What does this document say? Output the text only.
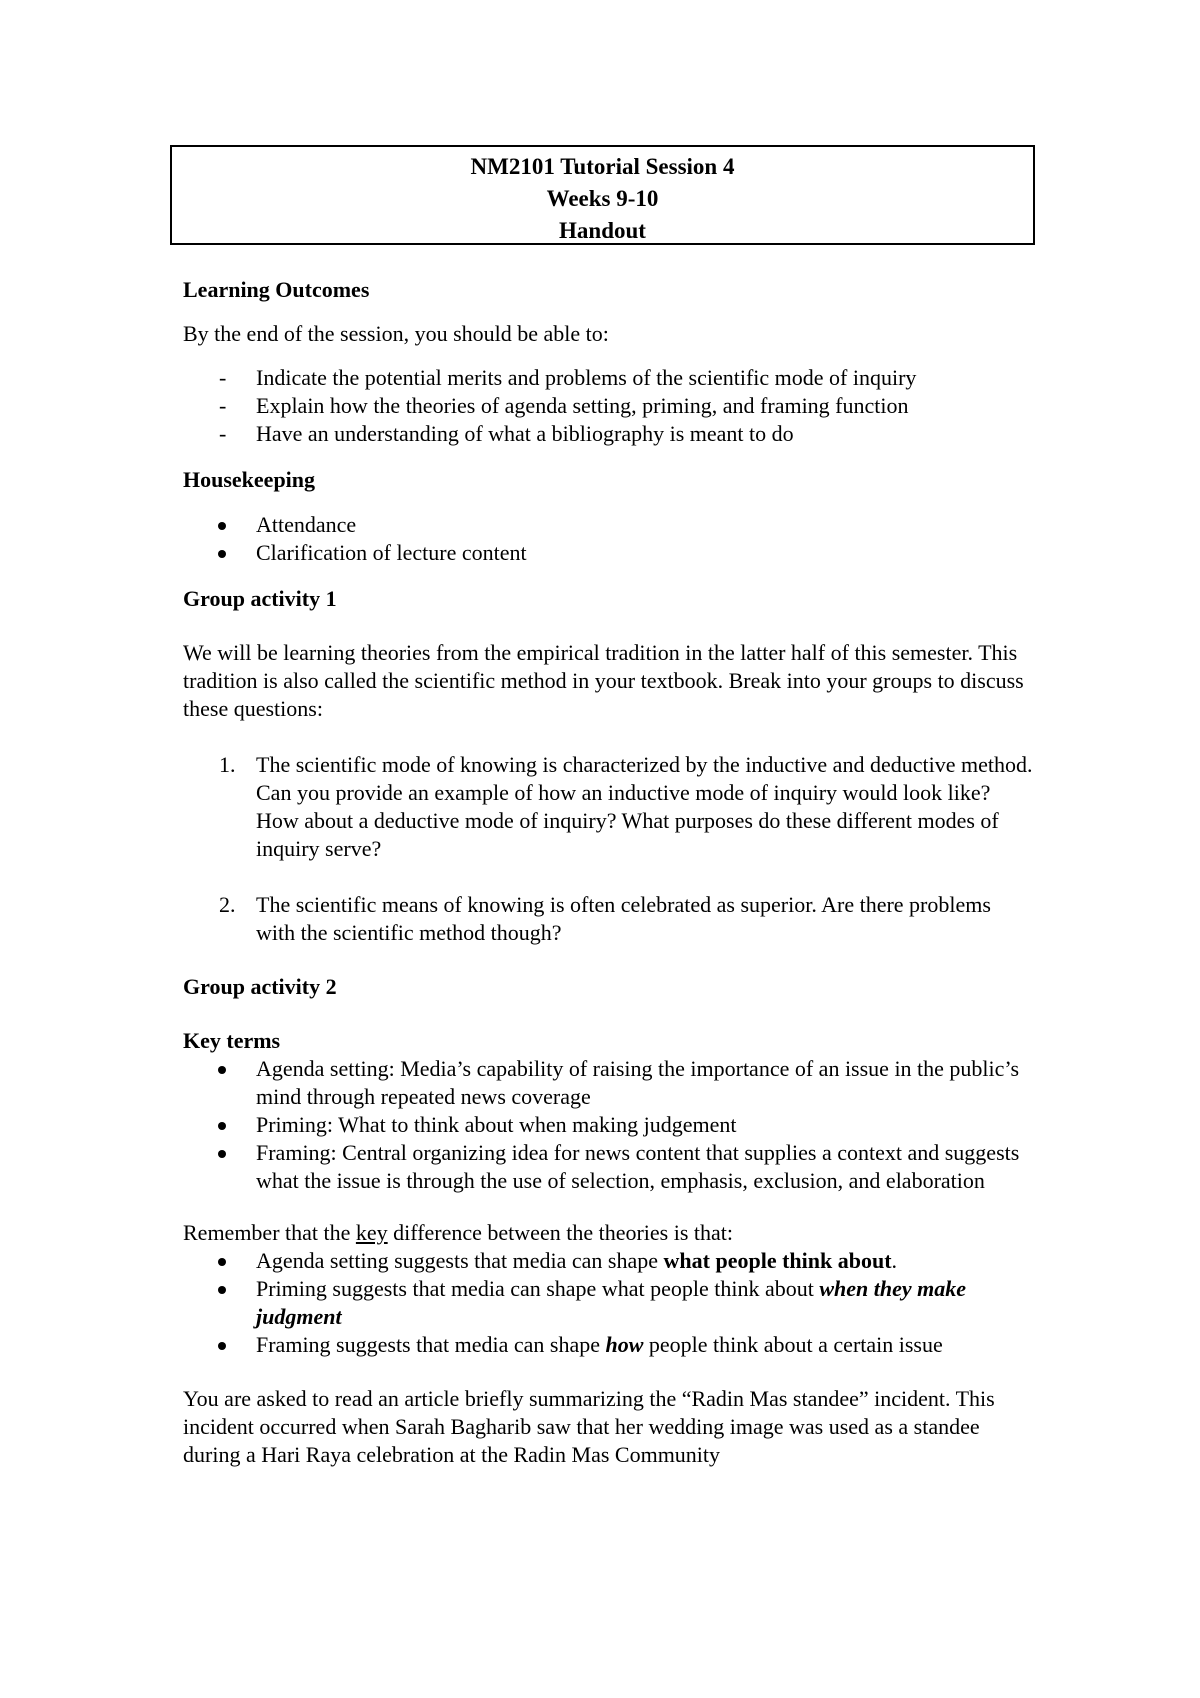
NM2101 Tutorial Session 4
Weeks 9-10
Handout

Learning Outcomes

By the end of the session, you should be able to:

- Indicate the potential merits and problems of the scientific mode of inquiry
- Explain how the theories of agenda setting, priming, and framing function
- Have an understanding of what a bibliography is meant to do

Housekeeping

Attendance
Clarification of lecture content

Group activity 1

We will be learning theories from the empirical tradition in the latter half of this semester. This tradition is also called the scientific method in your textbook. Break into your groups to discuss these questions:

1. The scientific mode of knowing is characterized by the inductive and deductive method. Can you provide an example of how an inductive mode of inquiry would look like? How about a deductive mode of inquiry? What purposes do these different modes of inquiry serve?
2. The scientific means of knowing is often celebrated as superior. Are there problems with the scientific method though?

Group activity 2

Key terms

Agenda setting: Media’s capability of raising the importance of an issue in the public’s mind through repeated news coverage
Priming: What to think about when making judgement
Framing: Central organizing idea for news content that supplies a context and suggests what the issue is through the use of selection, emphasis, exclusion, and elaboration

Remember that the key difference between the theories is that:

Agenda setting suggests that media can shape what people think about.
Priming suggests that media can shape what people think about when they make judgment
Framing suggests that media can shape how people think about a certain issue

You are asked to read an article briefly summarizing the “Radin Mas standee” incident. This incident occurred when Sarah Bagharib saw that her wedding image was used as a standee during a Hari Raya celebration at the Radin Mas Community
